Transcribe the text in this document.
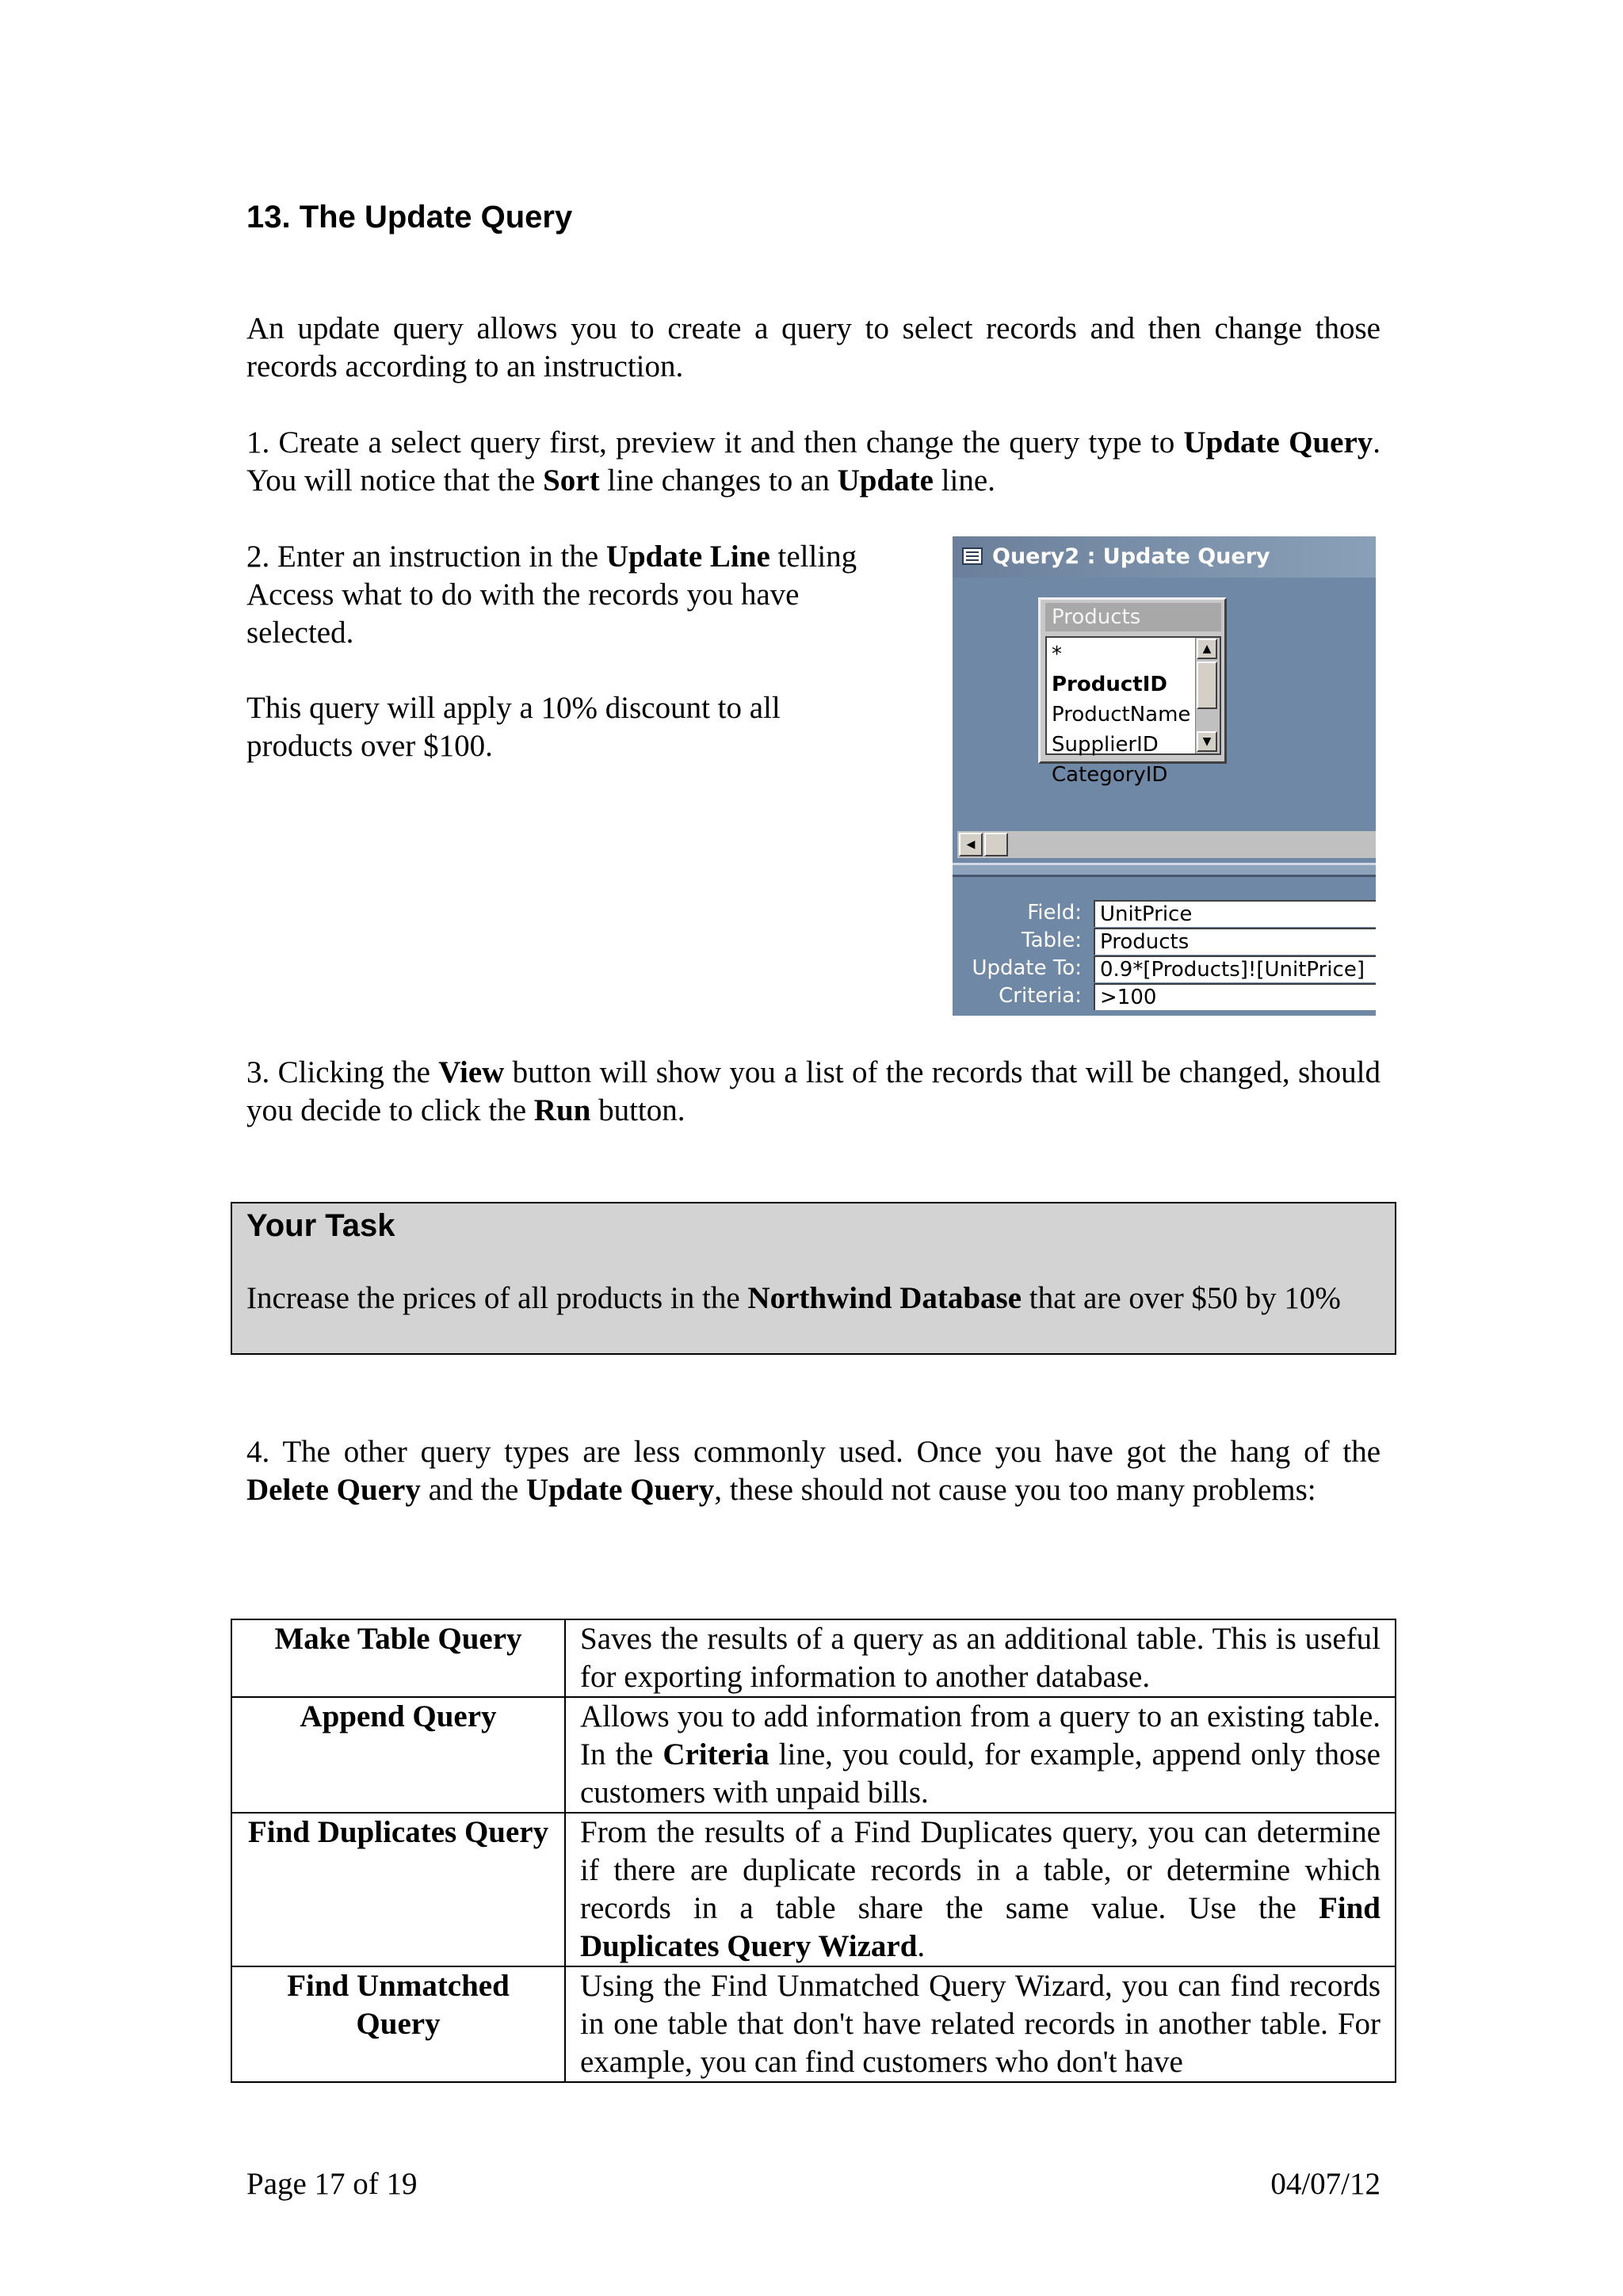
13. The Update Query

An update query allows you to create a query to select records and then change those records according to an instruction.

1. Create a select query first, preview it and then change the query type to Update Query. You will notice that the Sort line changes to an Update line.

2. Enter an instruction in the Update Line telling Access what to do with the records you have selected.

This query will apply a 10% discount to all products over $100.

Query2 : Update Query
Products
*
ProductID
ProductName
SupplierID
CategoryID
▲
▼
◀
Field: UnitPrice
Table: Products
Update To: 0.9*[Products]![UnitPrice]
Criteria: >100

3. Clicking the View button will show you a list of the records that will be changed, should you decide to click the Run button.

Your Task

Increase the prices of all products in the Northwind Database that are over $50 by 10%

4. The other query types are less commonly used. Once you have got the hang of the Delete Query and the Update Query, these should not cause you too many problems:

Make Table Query	Saves the results of a query as an additional table. This is useful for exporting information to another database.
Append Query	Allows you to add information from a query to an existing table. In the Criteria line, you could, for example, append only those customers with unpaid bills.
Find Duplicates Query	From the results of a Find Duplicates query, you can determine if there are duplicate records in a table, or determine which records in a table share the same value. Use the Find Duplicates Query Wizard.
Find Unmatched Query	Using the Find Unmatched Query Wizard, you can find records in one table that don't have related records in another table. For example, you can find customers who don't have
Page 17 of 19	04/07/12
